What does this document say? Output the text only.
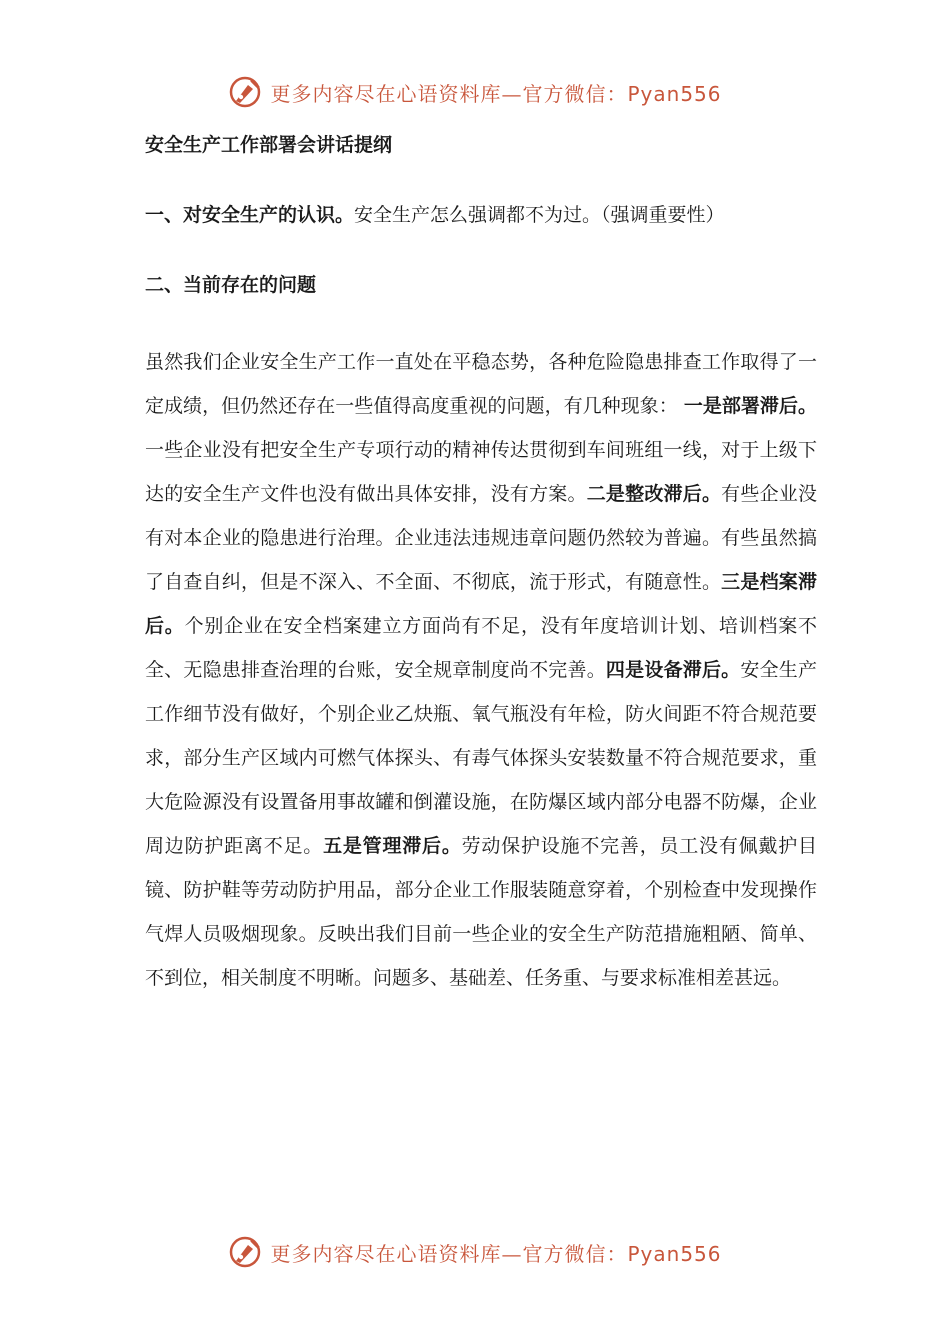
更多内容尽在心语资料库—官方微信：Pyan556

安全生产工作部署会讲话提纲

一、对安全生产的认识。安全生产怎么强调都不为过。（强调重要性）

二、当前存在的问题

虽然我们企业安全生产工作一直处在平稳态势，各种危险隐患排查工作取得了一定成绩，但仍然还存在一些值得高度重视的问题，有几种现象： 一是部署滞后。一些企业没有把安全生产专项行动的精神传达贯彻到车间班组一线，对于上级下达的安全生产文件也没有做出具体安排，没有方案。二是整改滞后。有些企业没有对本企业的隐患进行治理。企业违法违规违章问题仍然较为普遍。有些虽然搞了自查自纠，但是不深入、不全面、不彻底，流于形式，有随意性。三是档案滞后。个别企业在安全档案建立方面尚有不足，没有年度培训计划、培训档案不全、无隐患排查治理的台账，安全规章制度尚不完善。四是设备滞后。安全生产工作细节没有做好，个别企业乙炔瓶、氧气瓶没有年检，防火间距不符合规范要求，部分生产区域内可燃气体探头、有毒气体探头安装数量不符合规范要求，重大危险源没有设置备用事故罐和倒灌设施，在防爆区域内部分电器不防爆，企业周边防护距离不足。五是管理滞后。劳动保护设施不完善，员工没有佩戴护目镜、防护鞋等劳动防护用品，部分企业工作服装随意穿着，个别检查中发现操作气焊人员吸烟现象。反映出我们目前一些企业的安全生产防范措施粗陋、简单、不到位，相关制度不明晰。问题多、基础差、任务重、与要求标准相差甚远。

更多内容尽在心语资料库—官方微信：Pyan556
